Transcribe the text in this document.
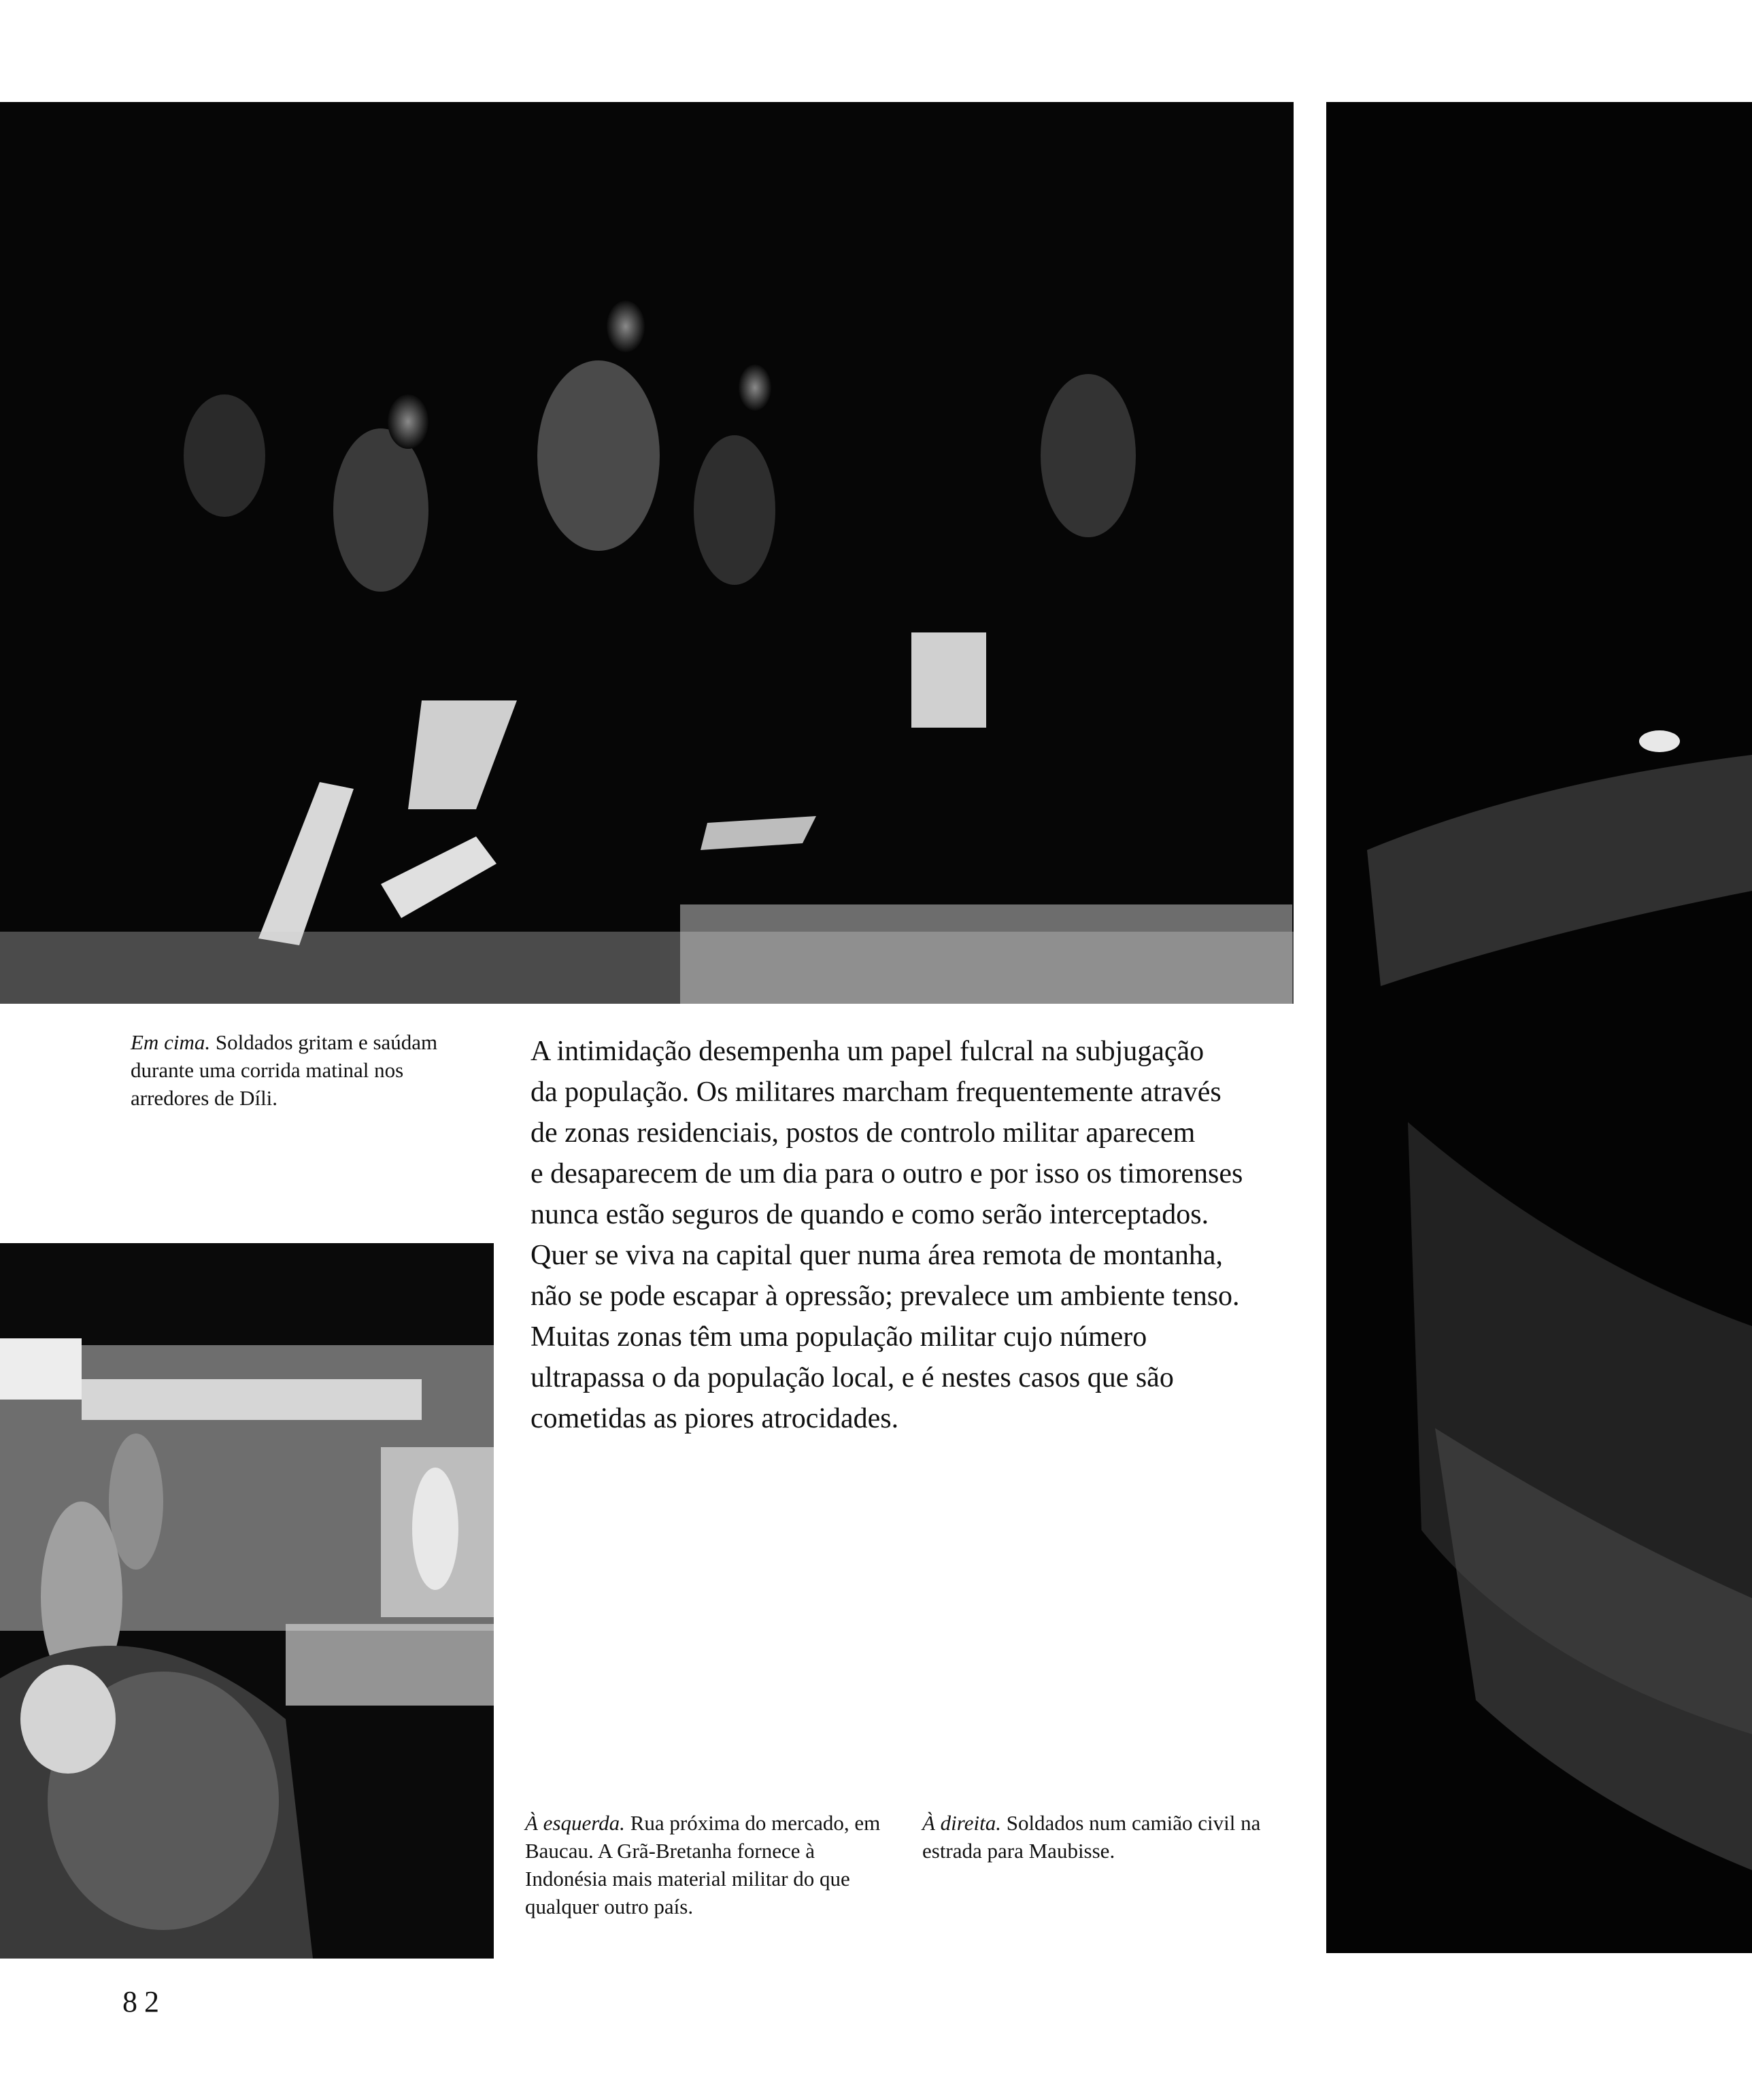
Em cima. Soldados gritam e saúdam durante uma corrida matinal nos arredores de Díli.
A intimidação desempenha um papel fulcral na subjugação
da população. Os militares marcham frequentemente através
de zonas residenciais, postos de controlo militar aparecem
e desaparecem de um dia para o outro e por isso os timorenses
nunca estão seguros de quando e como serão interceptados.
Quer se viva na capital quer numa área remota de montanha,
não se pode escapar à opressão; prevalece um ambiente tenso.
Muitas zonas têm uma população militar cujo número
ultrapassa o da população local, e é nestes casos que são
cometidas as piores atrocidades.
À esquerda. Rua próxima do mercado, em Baucau. A Grã-Bretanha fornece à Indonésia mais material militar do que qualquer outro país.
À direita. Soldados num camião civil na estrada para Maubisse.
82
